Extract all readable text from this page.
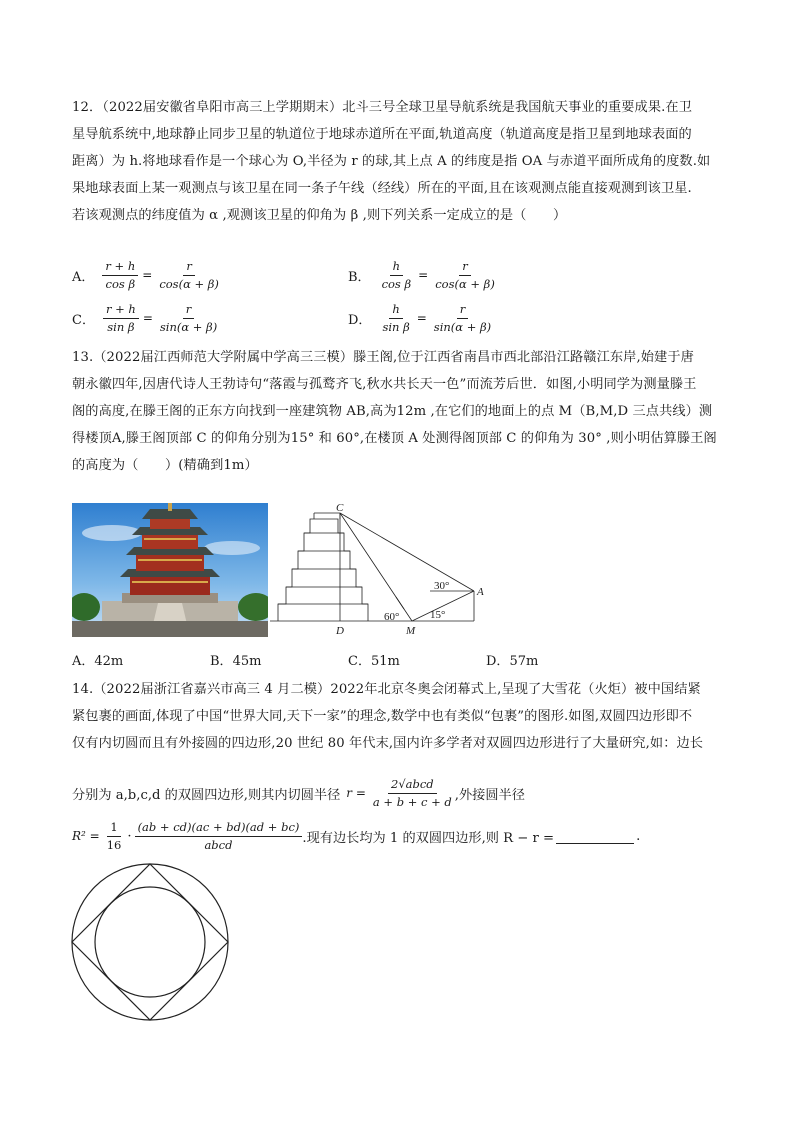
12．（2022届安徽省阜阳市高三上学期期末）北斗三号全球卫星导航系统是我国航天事业的重要成果.在卫

星导航系统中,地球静止同步卫星的轨道位于地球赤道所在平面,轨道高度（轨道高度是指卫星到地球表面的

距离）为 h.将地球看作是一个球心为 O,半径为 r 的球,其上点 A 的纬度是指 OA 与赤道平面所成角的度数.如

果地球表面上某一观测点与该卫星在同一条子午线（经线）所在的平面,且在该观测点能直接观测到该卫星.

若该观测点的纬度值为 α ,观测该卫星的仰角为 β ,则下列关系一定成立的是（　　）

A． $\frac{r + h}{\text{cos β}} = \frac{r}{\cos(\alpha + \beta)}$	B． $\frac{h}{\text{cos β}} = \frac{r}{\cos(\alpha + \beta)}$
C． $\frac{r + h}{\text{sin β}} = \frac{r}{\sin(\alpha + \beta)}$	D． $\frac{h}{\text{sin β}} = \frac{r}{\sin(\alpha + \beta)}$

13.（2022届江西师范大学附属中学高三三模）滕王阁,位于江西省南昌市西北部沿江路赣江东岸,始建于唐

朝永徽四年,因唐代诗人王勃诗句“落霞与孤鹜齐飞,秋水共长天一色”而流芳后世．如图,小明同学为测量滕王

阁的高度,在滕王阁的正东方向找到一座建筑物 AB,高为12m ,在它们的地面上的点 M（B,M,D 三点共线）测

得楼顶A,滕王阁顶部 C 的仰角分别为15° 和 60°,在楼顶 A 处测得阁顶部 C 的仰角为 30° ,则小明估算滕王阁

的高度为（　　）(精确到1m）

C
A
D	M
60°	15°
30°
A．42m	B．45m	C．51m	D．57m

14.（2022届浙江省嘉兴市高三 4 月二模）2022年北京冬奥会闭幕式上,呈现了大雪花（火炬）被中国结紧

紧包裹的画面,体现了中国“世界大同,天下一家”的理念,数学中也有类似“包裹”的图形.如图,双圆四边形即不

仅有内切圆而且有外接圆的四边形,20 世纪 80 年代末,国内许多学者对双圆四边形进行了大量研究,如：边长

分别为 a,b,c,d 的双圆四边形,则其内切圆半径 $r = \frac{\text{2√abcd}}{a + b + c + d}$ ,外接圆半径
$R^2 = \frac{1}{16} \cdot \frac{(ab + cd)(ac + bd)(ad + bc)}{\text{abcd}}$ .现有边长均为 1 的双圆四边形,则 R − r =	.
